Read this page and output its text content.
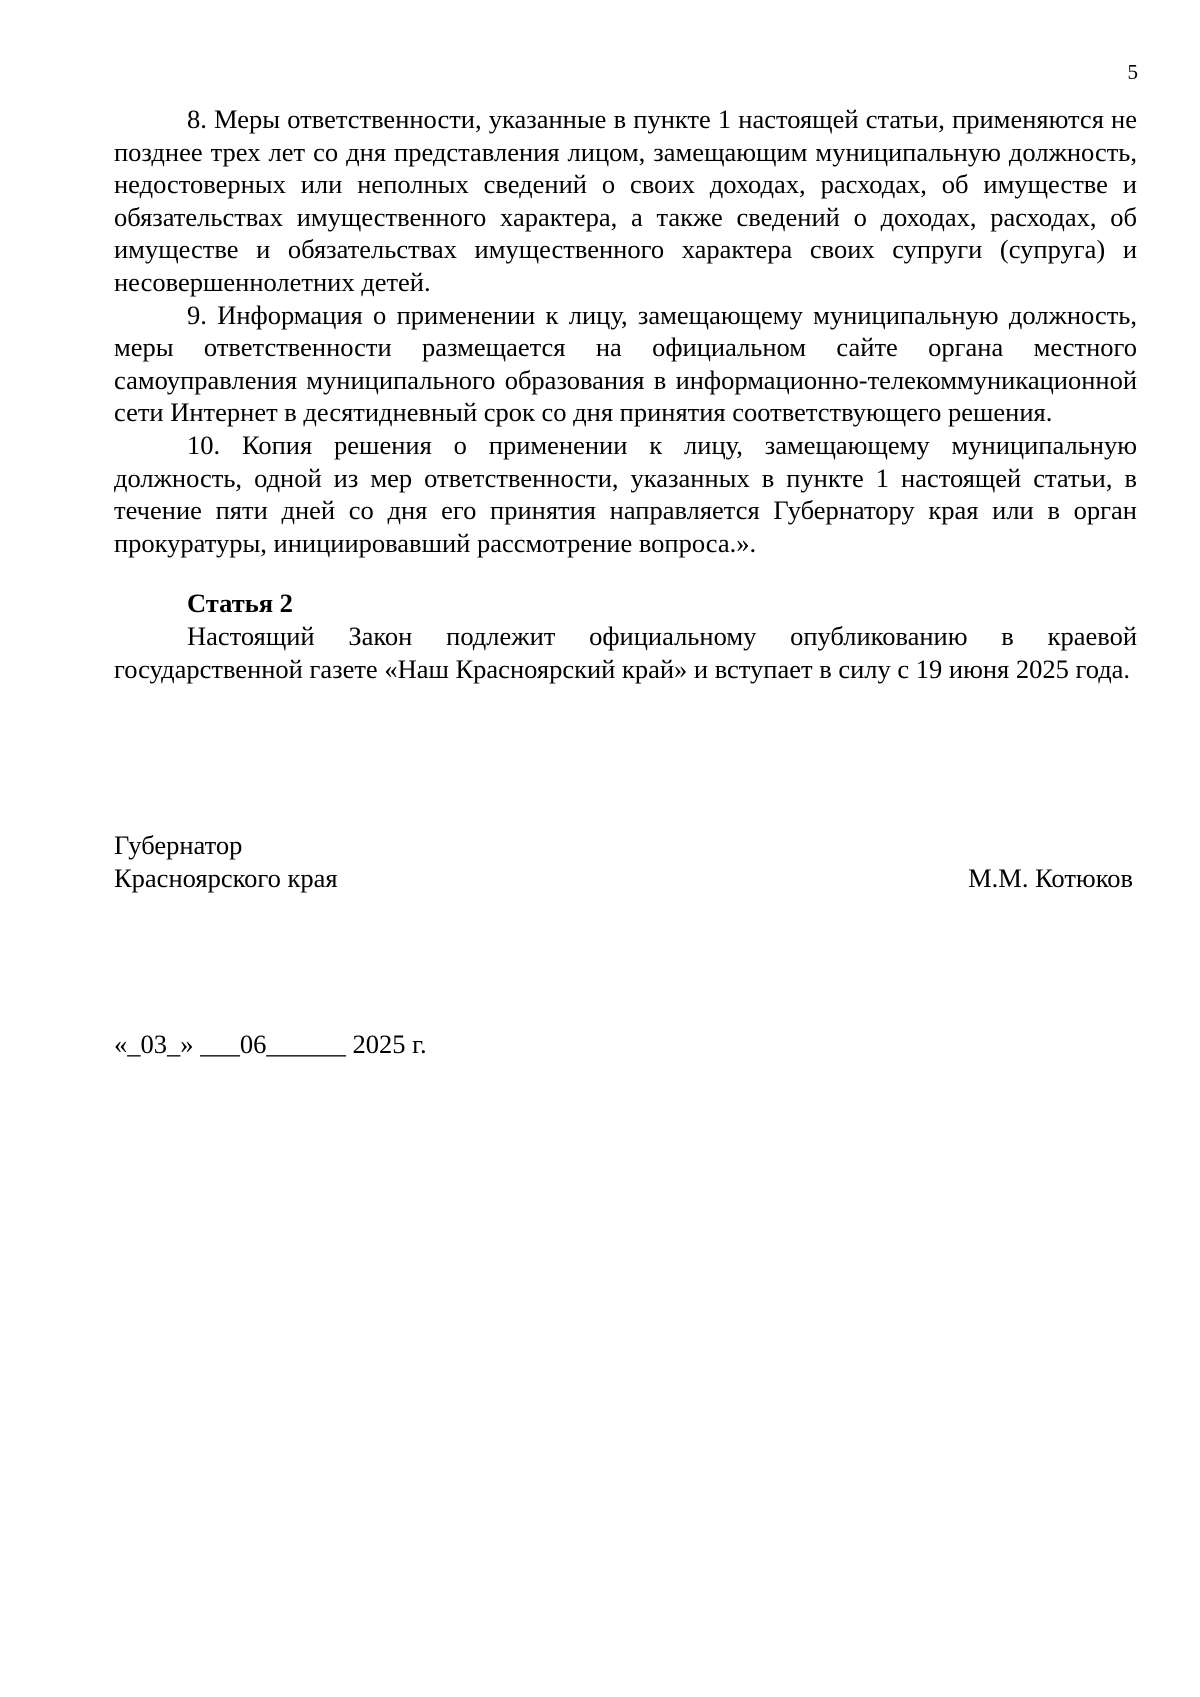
5

8. Меры ответственности, указанные в пункте 1 настоящей статьи, применяются не позднее трех лет со дня представления лицом, замещающим муниципальную должность, недостоверных или неполных сведений о своих доходах, расходах, об имуществе и обязательствах имущественного характера, а также сведений о доходах, расходах, об имуществе и обязательствах имущественного характера своих супруги (супруга) и несовершеннолетних детей.

9. Информация о применении к лицу, замещающему муниципальную должность, меры ответственности размещается на официальном сайте органа местного самоуправления муниципального образования в информационно-телекоммуникационной сети Интернет в десятидневный срок со дня принятия соответствующего решения.

10. Копия решения о применении к лицу, замещающему муниципальную должность, одной из мер ответственности, указанных в пункте 1 настоящей статьи, в течение пяти дней со дня его принятия направляется Губернатору края или в орган прокуратуры, инициировавший рассмотрение вопроса.».

Статья 2

Настоящий Закон подлежит официальному опубликованию в краевой государственной газете «Наш Красноярский край» и вступает в силу с 19 июня 2025 года.

Губернатор
Красноярского края	М.М. Котюков
«_03_» ___06______ 2025 г.
